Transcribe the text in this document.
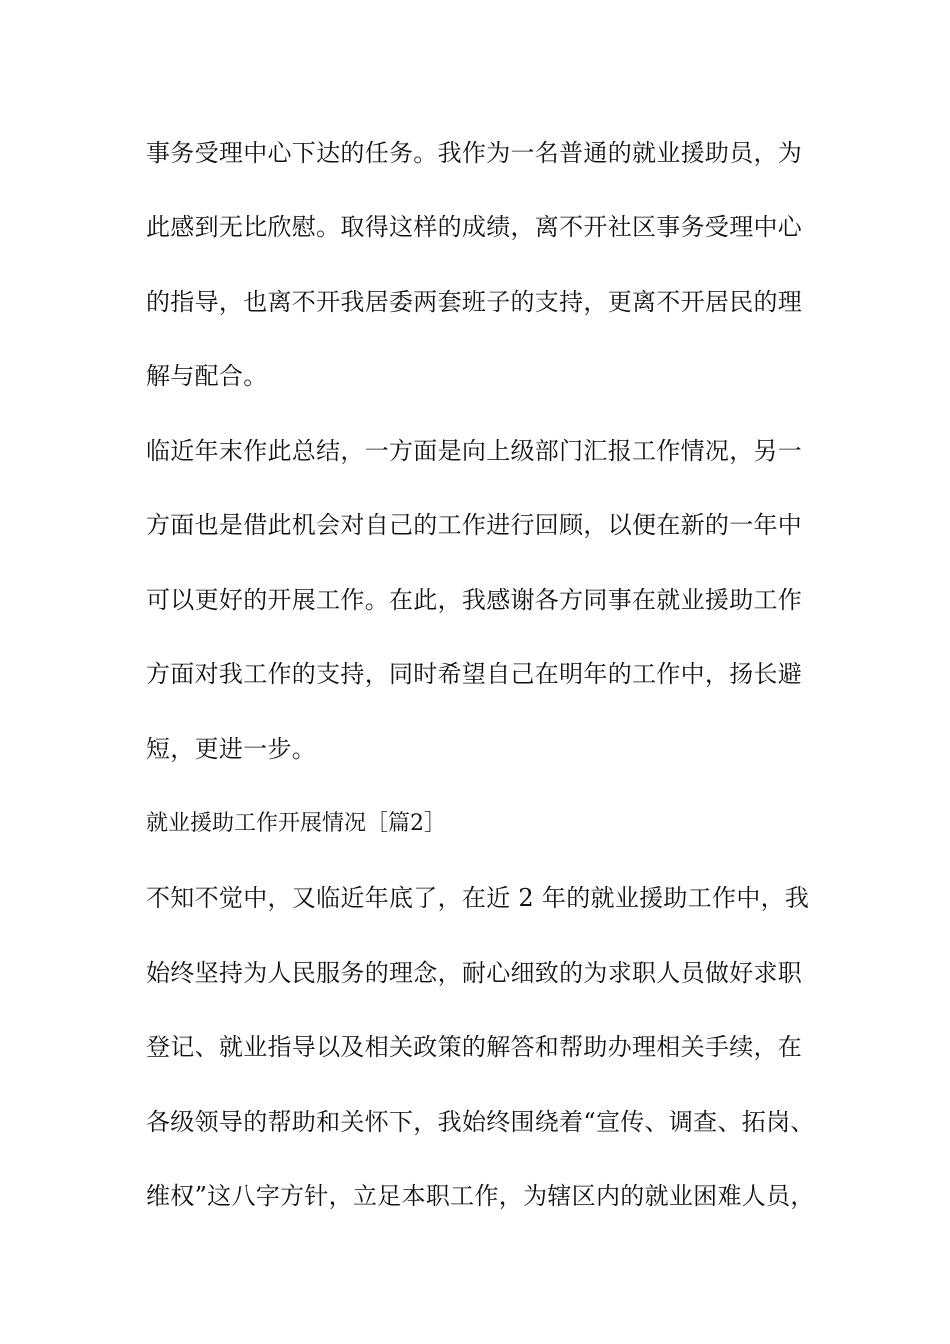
事务受理中心下达的任务。我作为一名普通的就业援助员，为
此感到无比欣慰。取得这样的成绩，离不开社区事务受理中心
的指导，也离不开我居委两套班子的支持，更离不开居民的理
解与配合。
临近年末作此总结，一方面是向上级部门汇报工作情况，另一
方面也是借此机会对自己的工作进行回顾，以便在新的一年中
可以更好的开展工作。在此，我感谢各方同事在就业援助工作
方面对我工作的支持，同时希望自己在明年的工作中，扬长避
短，更进一步。
就业援助工作开展情况［篇2］
不知不觉中，又临近年底了，在近 2 年的就业援助工作中，我
始终坚持为人民服务的理念，耐心细致的为求职人员做好求职
登记、就业指导以及相关政策的解答和帮助办理相关手续，在
各级领导的帮助和关怀下，我始终围绕着“宣传、调查、拓岗、
维权”这八字方针，立足本职工作，为辖区内的就业困难人员，
